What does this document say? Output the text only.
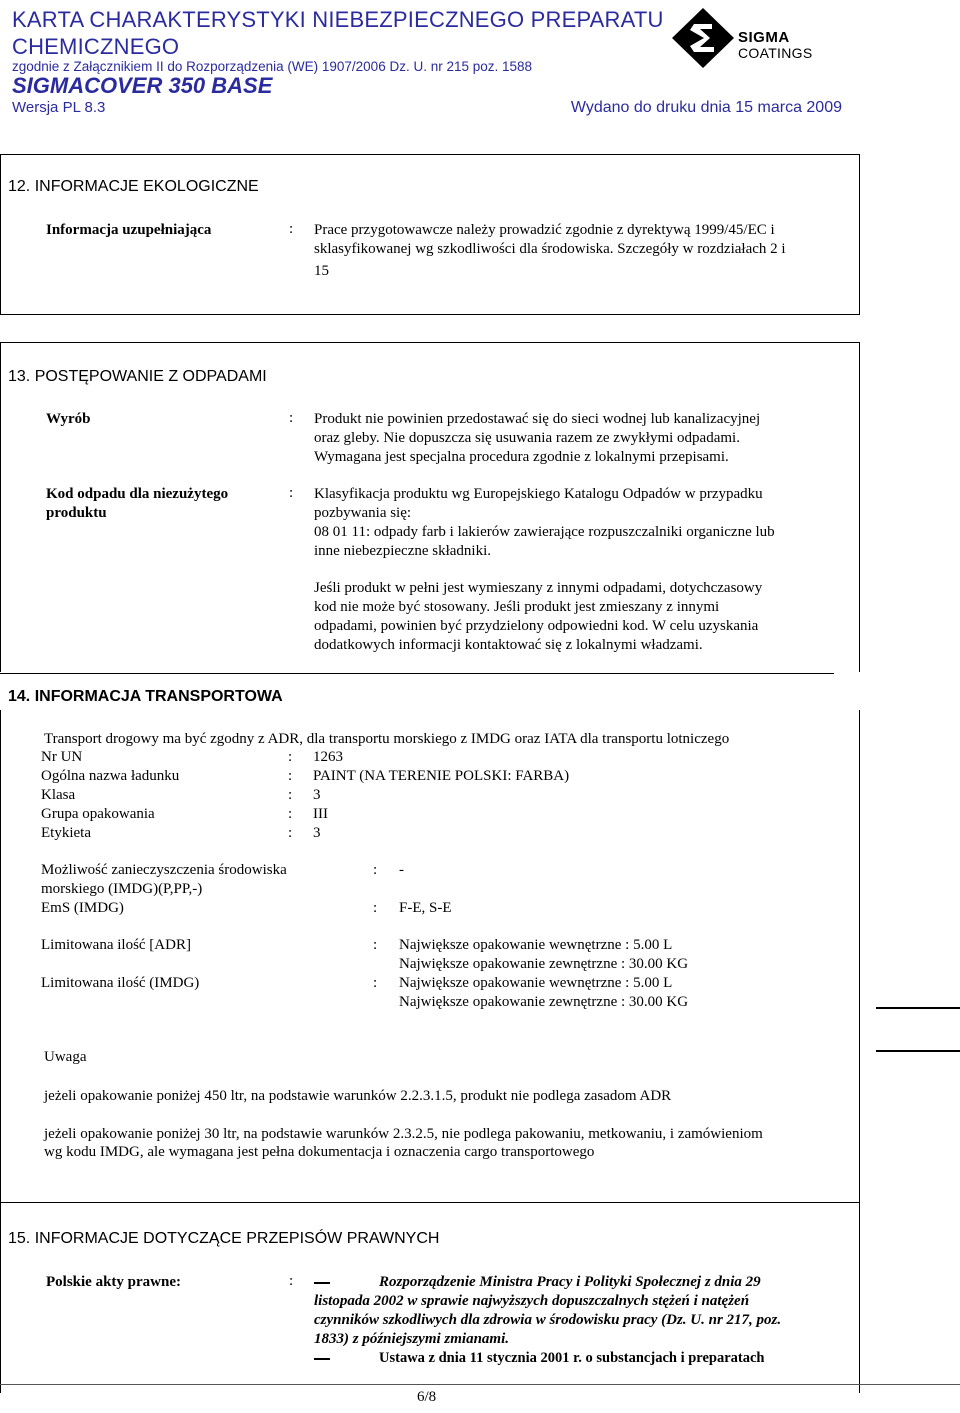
KARTA CHARAKTERYSTYKI NIEBEZPIECZNEGO PREPARATU
CHEMICZNEGO
zgodnie z Załącznikiem II do Rozporządzenia (WE) 1907/2006 Dz. U. nr 215 poz. 1588
SIGMACOVER 350 BASE
Wersja PL 8.3	Wydano do druku dnia 15 marca 2009
SIGMA
COATINGS
12. INFORMACJE EKOLOGICZNE
Informacja uzupełniająca	: Prace przygotowawcze należy prowadzić zgodnie z dyrektywą 1999/45/EC i

sklasyfikowanej wg szkodliwości dla środowiska. Szczegóły w rozdziałach 2 i

15

13. POSTĘPOWANIE Z ODPADAMI
Wyrób	: Produkt nie powinien przedostawać się do sieci wodnej lub kanalizacyjnej

oraz gleby. Nie dopuszcza się usuwania razem ze zwykłymi odpadami.

Wymagana jest specjalna procedura zgodnie z lokalnymi przepisami.

Kod odpadu dla niezużytego
produktu
: Klasyfikacja produktu wg Europejskiego Katalogu Odpadów w przypadku

pozbywania się:

08 01 11: odpady farb i lakierów zawierające rozpuszczalniki organiczne lub

inne niebezpieczne składniki.

Jeśli produkt w pełni jest wymieszany z innymi odpadami, dotychczasowy

kod nie może być stosowany. Jeśli produkt jest zmieszany z innymi

odpadami, powinien być przydzielony odpowiedni kod. W celu uzyskania

dodatkowych informacji kontaktować się z lokalnymi władzami.

14. INFORMACJA TRANSPORTOWA
Transport drogowy ma być zgodny z ADR, dla transportu morskiego z IMDG oraz IATA dla transportu lotniczego
Nr UN	: 1263
Ogólna nazwa ładunku	: PAINT (NA TERENIE POLSKI: FARBA)
Klasa	: 3
Grupa opakowania	: III
Etykieta	: 3
Możliwość zanieczyszczenia środowiska
morskiego (IMDG)(P,PP,-)
: -
EmS (IMDG)	: F-E, S-E
Limitowana ilość [ADR]	: Największe opakowanie wewnętrzne : 5.00 L
Największe opakowanie zewnętrzne : 30.00 KG
Limitowana ilość (IMDG)	: Największe opakowanie wewnętrzne : 5.00 L
Największe opakowanie zewnętrzne : 30.00 KG
Uwaga
jeżeli opakowanie poniżej 450 ltr, na podstawie warunków 2.2.3.1.5, produkt nie podlega zasadom ADR
jeżeli opakowanie poniżej 30 ltr, na podstawie warunków 2.3.2.5, nie podlega pakowaniu, metkowaniu, i zamówieniom
wg kodu IMDG, ale wymagana jest pełna dokumentacja i oznaczenia cargo transportowego
15. INFORMACJE DOTYCZĄCE PRZEPISÓW PRAWNYCH
Polskie akty prawne:	:	Rozporządzenie Ministra Pracy i Polityki Społecznej z dnia 29

listopada 2002 w sprawie najwyższych dopuszczalnych stężeń i natężeń

czynników szkodliwych dla zdrowia w środowisku pracy (Dz. U. nr 217, poz.

1833) z późniejszymi zmianami.

Ustawa z dnia 11 stycznia 2001 r. o substancjach i preparatach
6/8
